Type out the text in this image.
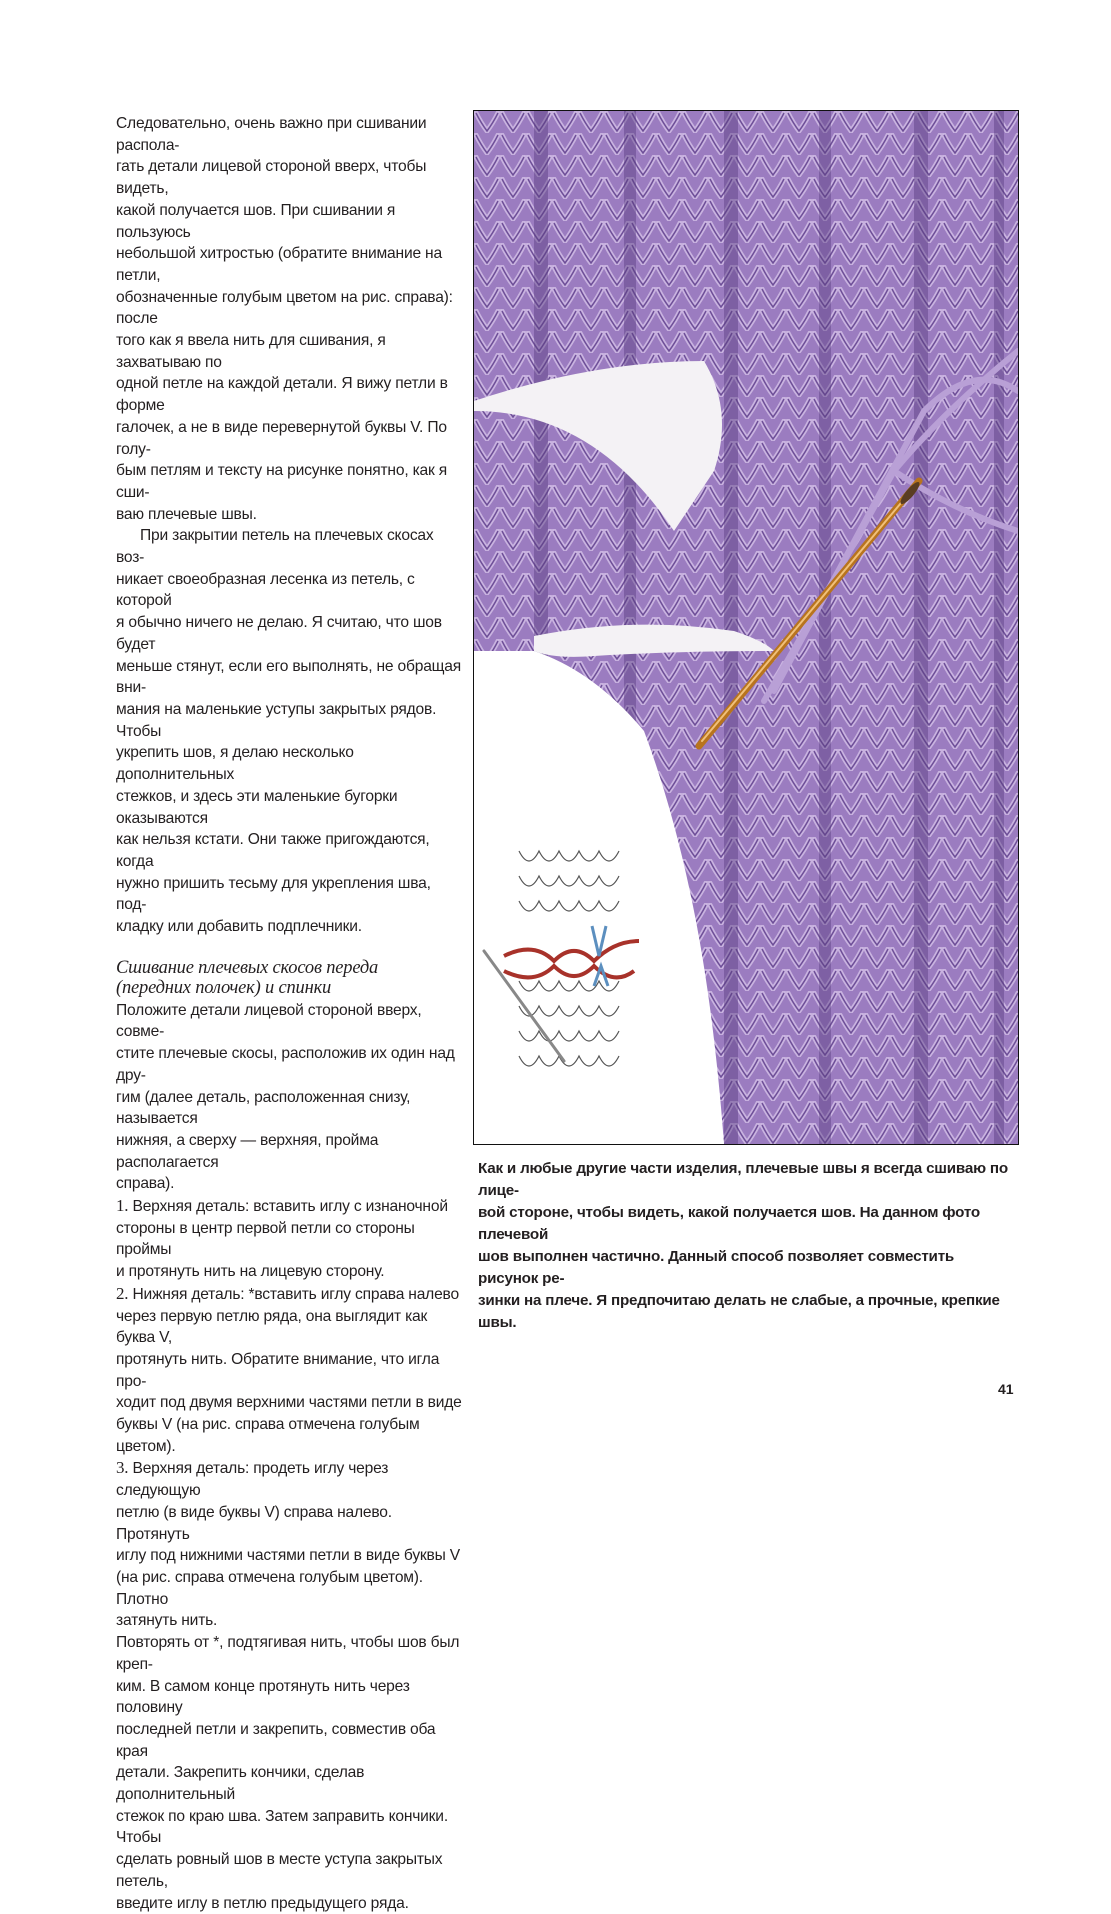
Следовательно, очень важно при сшивании распола-

гать детали лицевой стороной вверх, чтобы видеть,

какой получается шов. При сшивании я пользуюсь

небольшой хитростью (обратите внимание на петли,

обозначенные голубым цветом на рис. справа): после

того как я ввела нить для сшивания, я захватываю по

одной петле на каждой детали. Я вижу петли в форме

галочек, а не в виде перевернутой буквы V. По голу-

бым петлям и тексту на рисунке понятно, как я сши-

ваю плечевые швы.

При закрытии петель на плечевых скосах воз-

никает своеобразная лесенка из петель, с которой

я обычно ничего не делаю. Я считаю, что шов будет

меньше стянут, если его выполнять, не обращая вни-

мания на маленькие уступы закрытых рядов. Чтобы

укрепить шов, я делаю несколько дополнительных

стежков, и здесь эти маленькие бугорки оказываются

как нельзя кстати. Они также пригождаются, когда

нужно пришить тесьму для укрепления шва, под-

кладку или добавить подплечники.

Сшивание плечевых скосов переда
(передних полочек) и спинки

Положите детали лицевой стороной вверх, совме-

стите плечевые скосы, расположив их один над дру-

гим (далее деталь, расположенная снизу, называется

нижняя, а сверху — верхняя, пройма располагается

справа).

1. Верхняя деталь: вставить иглу с изнаночной

стороны в центр первой петли со стороны проймы

и протянуть нить на лицевую сторону.

2. Нижняя деталь: *вставить иглу справа налево

через первую петлю ряда, она выглядит как буква V,

протянуть нить. Обратите внимание, что игла про-

ходит под двумя верхними частями петли в виде

буквы V (на рис. справа отмечена голубым цветом).

3. Верхняя деталь: продеть иглу через следующую

петлю (в виде буквы V) справа налево. Протянуть

иглу под нижними частями петли в виде буквы V

(на рис. справа отмечена голубым цветом). Плотно

затянуть нить.

Повторять от *, подтягивая нить, чтобы шов был креп-

ким. В самом конце протянуть нить через половину

последней петли и закрепить, совместив оба края

детали. Закрепить кончики, сделав дополнительный

стежок по краю шва. Затем заправить кончики. Чтобы

сделать ровный шов в месте уступа закрытых петель,

введите иглу в петлю предыдущего ряда.

Как и любые другие части изделия, плечевые швы я всегда сшиваю по лице-

вой стороне, чтобы видеть, какой получается шов. На данном фото плечевой

шов выполнен частично. Данный способ позволяет совместить рисунок ре-

зинки на плече. Я предпочитаю делать не слабые, а прочные, крепкие швы.

41
